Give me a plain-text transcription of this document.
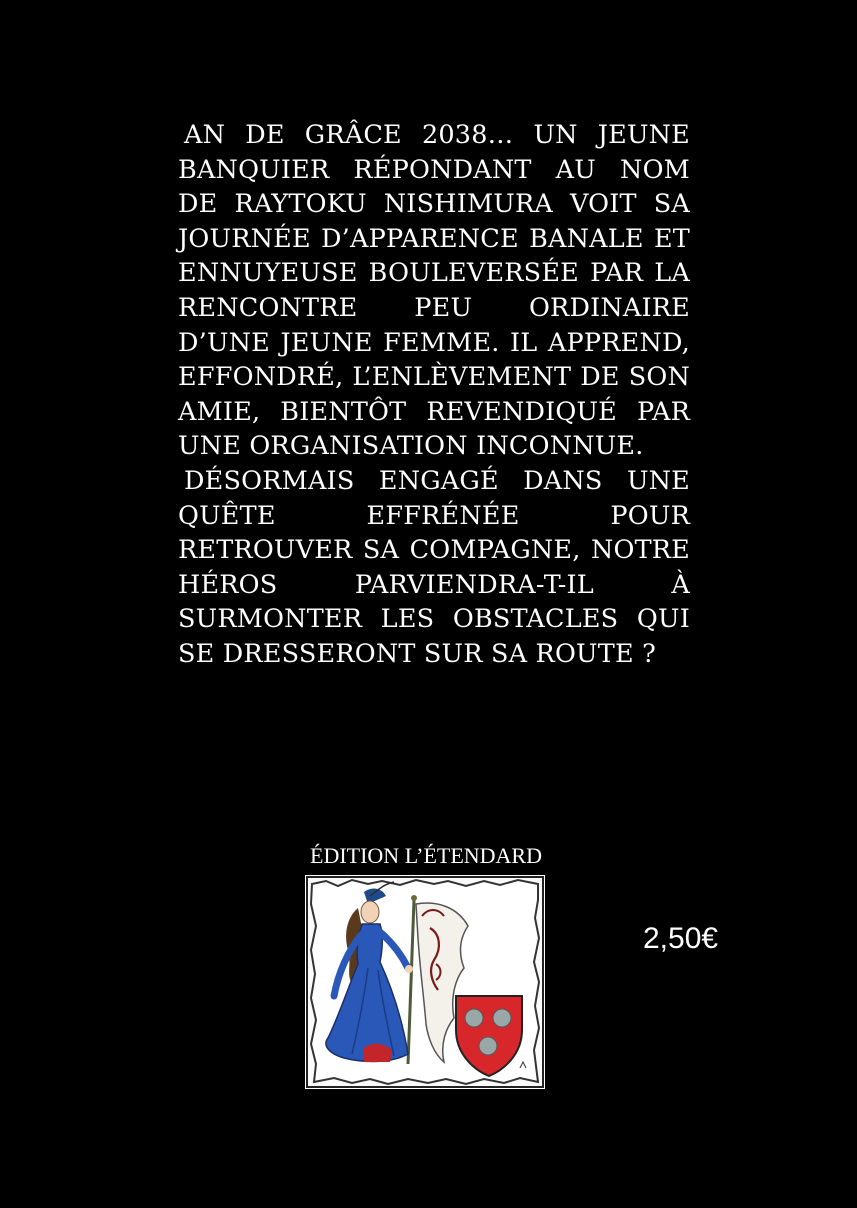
AN DE GRÂCE 2038… UN JEUNE BANQUIER RÉPONDANT AU NOM DE RAYTOKU NISHIMURA VOIT SA JOURNÉE D’APPARENCE BANALE ET ENNUYEUSE BOULEVERSÉE PAR LA RENCONTRE PEU ORDINAIRE D’UNE JEUNE FEMME. IL APPREND, EFFONDRÉ, L’ENLÈVEMENT DE SON AMIE, BIENTÔT REVENDIQUÉ PAR UNE ORGANISATION INCONNUE.

DÉSORMAIS ENGAGÉ DANS UNE QUÊTE EFFRÉNÉE POUR RETROUVER SA COMPAGNE, NOTRE HÉROS PARVIENDRA-T-IL À SURMONTER LES OBSTACLES QUI SE DRESSERONT SUR SA ROUTE ?

ÉDITION L’ÉTENDARD
2,50€
